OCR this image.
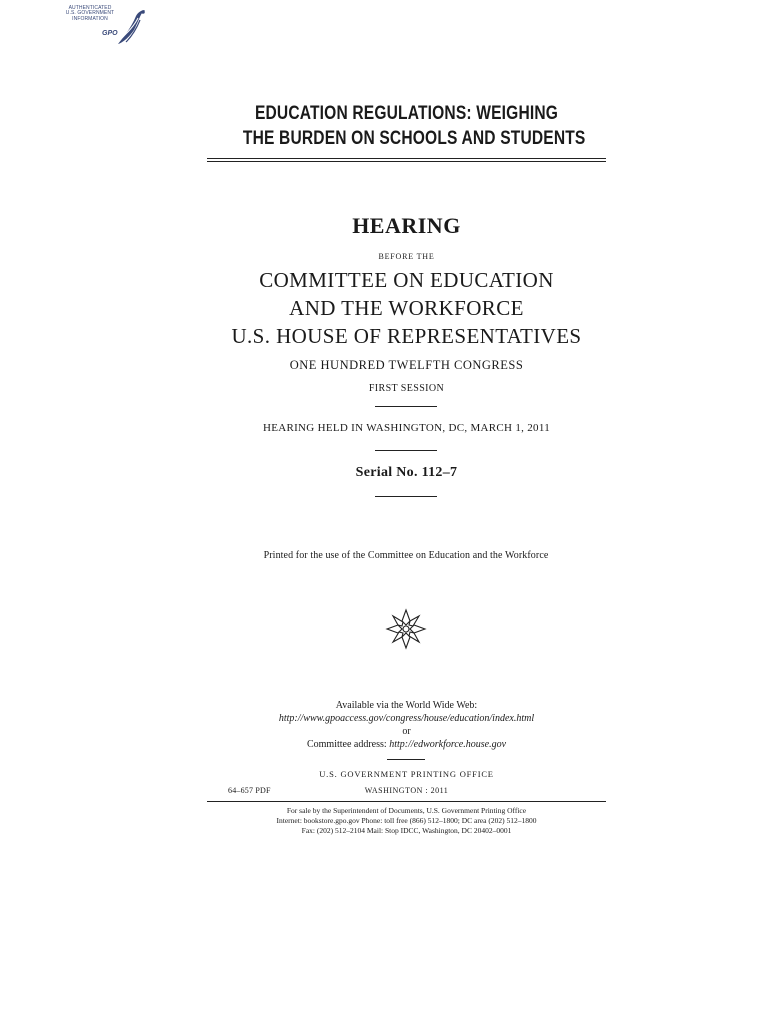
AUTHENTICATED
U.S. GOVERNMENT
INFORMATION
GPO
EDUCATION REGULATIONS: WEIGHING
THE BURDEN ON SCHOOLS AND STUDENTS
HEARING
BEFORE THE
COMMITTEE ON EDUCATION
AND THE WORKFORCE
U.S. HOUSE OF REPRESENTATIVES
ONE HUNDRED TWELFTH CONGRESS
FIRST SESSION
HEARING HELD IN WASHINGTON, DC, MARCH 1, 2011
Serial No. 112–7
Printed for the use of the Committee on Education and the Workforce
Available via the World Wide Web:
http://www.gpoaccess.gov/congress/house/education/index.html
or
Committee address: http://edworkforce.house.gov
U.S. GOVERNMENT PRINTING OFFICE
64–657 PDF	WASHINGTON : 2011
For sale by the Superintendent of Documents, U.S. Government Printing Office
Internet: bookstore.gpo.gov Phone: toll free (866) 512–1800; DC area (202) 512–1800
Fax: (202) 512–2104 Mail: Stop IDCC, Washington, DC 20402–0001
